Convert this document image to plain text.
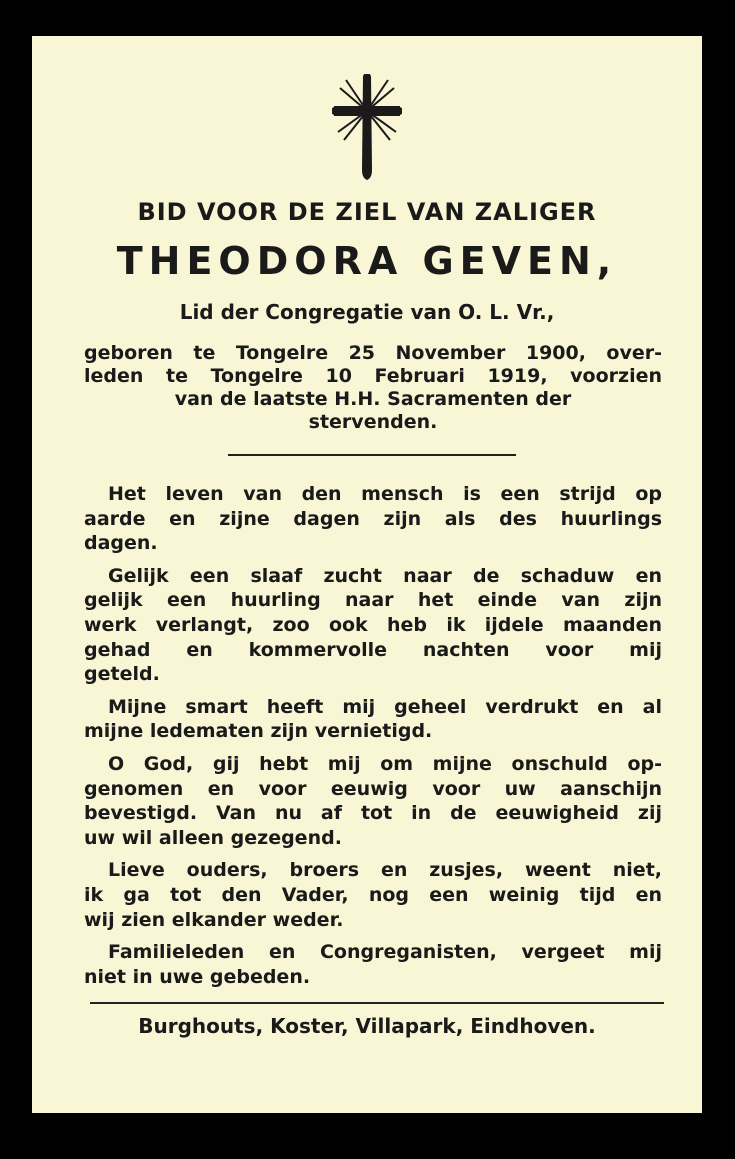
BID VOOR DE ZIEL VAN ZALIGER
THEODORA GEVEN,
Lid der Congregatie van O. L. Vr.,
geboren te Tongelre 25 November 1900, over-
leden te Tongelre 10 Februari 1919, voorzien
van de laatste H.H. Sacramenten der
stervenden.
Het leven van den mensch is een strijd op
aarde en zijne dagen zijn als des huurlings
dagen.
Gelijk een slaaf zucht naar de schaduw en
gelijk een huurling naar het einde van zijn
werk verlangt, zoo ook heb ik ijdele maanden
gehad en kommervolle nachten voor mij
geteld.
Mijne smart heeft mij geheel verdrukt en al
mijne ledematen zijn vernietigd.
O God, gij hebt mij om mijne onschuld op-
genomen en voor eeuwig voor uw aanschijn
bevestigd. Van nu af tot in de eeuwigheid zij
uw wil alleen gezegend.
Lieve ouders, broers en zusjes, weent niet,
ik ga tot den Vader, nog een weinig tijd en
wij zien elkander weder.
Familieleden en Congreganisten, vergeet mij
niet in uwe gebeden.
Burghouts, Koster, Villapark, Eindhoven.
